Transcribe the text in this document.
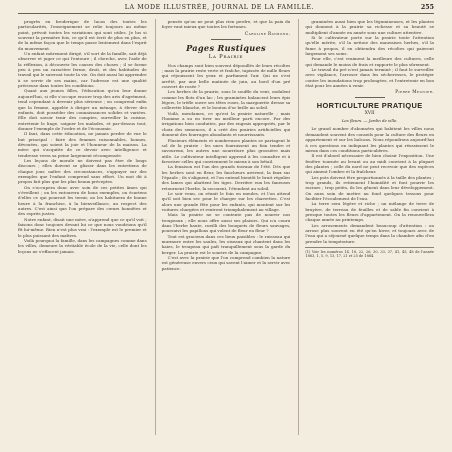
LA MODE ILLUSTRÉE, JOURNAL DE LA FAMILLE.	255

progrès en broderique de lucas des toutes les particularités, l'enseignement se relie toujours au même point, prévoit toutes les variations qui sont utiles. Je lus si souvent la première fois, ce qu'il est écrit de plus en plus, et de la même façon que le temps passe lentement dans l'esprit du mouvement.

Un enfant mûrement dirigé, s'il sort de la famille, sait déjà observer et juger ce qui l'entoure ; il cherche, avec l'aide de la réflexion, à découvrir les causes des choses ; il se forme peu à peu un caractère ferme, droit, et des habitudes de travail qui le suivront toute la vie. On doit aussi lui apprendre à se servir de ses mains, car l'adresse est une qualité précieuse dans toutes les conditions.

Quant aux jeunes filles, l'éducation qu'on leur donne aujourd'hui, si elle s'occupe encore trop des arts d'agrément, tend cependant à devenir plus sérieuse ; on comprend enfin que la femme, appelée à diriger un ménage, à élever des enfants, doit posséder des connaissances solides et variées. Elle doit savoir tenir des comptes, surveiller la cuisine, entretenir le linge, soigner les malades, et par-dessus tout, donner l'exemple de l'ordre et de l'économie.

Il faut, dans cette éducation, ne jamais perdre de vue le but principal : faire des femmes raisonnables, bonnes, dévouées, qui soient la joie et l'honneur de la maison. La mère qui s'acquitte de ce devoir avec intelligence et tendresse verra sa peine largement récompensée.

Les leçons de morale ne doivent pas être de longs discours ; elles doivent se glisser dans les entretiens de chaque jour, naître des circonstances, s'appuyer sur des exemples que l'enfant comprend sans effort. Un mot dit à propos fait plus que les plus beaux préceptes.

On s'occupera donc avec soin de ces petites âmes qui s'éveillent ; on les entourera de bons exemples, on écartera d'elles ce qui pourrait les ternir, on les habituera de bonne heure à la franchise, à la bienveillance, au respect des autres. C'est ainsi que l'on prépare des cœurs honnêtes et des esprits justes.

Notre enfant, disait une mère, n'apprend que ce qu'il voit ; faisons donc toujours devant lui ce que nous voudrions qu'il fît lui-même. Rien n'est plus vrai : l'exemple est le premier et le plus puissant des maîtres.

Voilà pourquoi la famille, dans les campagnes comme dans les villes, demeure la véritable école de la vie, celle dont les leçons ne s'effacent jamais.

pensée qu'on ne peut plus rien perdre, et que la paix du foyer vaut mieux que toutes les fortunes.

Caroline Raymond.
Pages Rustiques
La Prairie

Nos champs sont bien souvent dépouillés de leurs récoltes ; mais la prairie reste verte et fraîche, tapissée de mille fleurs qui réjouissent les yeux et parfument l'air. Qui ne s'est arrêté, par une belle matinée de juin, au bord d'un pré couvert de rosée ?

Les herbes de la prairie, sous le souffle du vent, ondulent comme les flots d'un lac ; les graminées balancent leurs épis légers, le trèfle ouvre ses têtes roses, la marguerite dresse sa collerette blanche, et le bouton d'or brille au soleil.

Voilà, mesdames, ce qu'est la prairie naturelle ; mais l'homme a su en tirer un meilleur parti encore. Par des irrigations bien conduites, par des engrais appropriés, par le choix des semences, il a créé des prairies artificielles qui donnent des fourrages abondants et nourrissants.

Plusieurs éléments et nombreuses plantes se partagent le sol de la prairie : les unes fournissent un foin tendre et savoureux, les autres une nourriture plus grossière mais utile. Le cultivateur intelligent apprend à les connaître et à favoriser celles qui conviennent le mieux à son bétail.

La fenaison est l'un des grands travaux de l'été. Dès que les herbes sont en fleur, les faucheurs arrivent, la faux sur l'épaule ; ils s'alignent, et l'on entend bientôt le bruit régulier des lames qui abattent les tiges. Derrière eux les faneuses retournent l'herbe, la secouent, l'étendent au soleil.

Le soir venu, on réunit le foin en meules, et l'on attend qu'il soit bien sec pour le charger sur les charrettes. C'est alors une grande fête pour les enfants, qui montent sur les voitures chargées et rentrent triomphalement au village.

Mais la prairie ne se contente pas de nourrir nos troupeaux ; elle nous offre aussi ses plaisirs. Qui n'a couru dans l'herbe haute, cueilli des bouquets de fleurs sauvages, poursuivi les papillons qui volent de fleur en fleur ?

Tout est gracieux dans ces lieux paisibles : le ruisseau qui murmure entre les saules, les oiseaux qui chantent dans les haies, le troupeau qui paît tranquillement sous la garde du berger. La prairie est le sourire de la campagne.

C'est avec la prairie que l'on comprend combien la nature est généreuse envers ceux qui savent l'aimer et la servir avec patience.

graminées aussi bien que les légumineuses, et les plantes qui donnent à la prairie sa richesse et sa beauté se multiplient d'année en année sous une culture attentive.

Si le cultivateur porte sur la prairie toute l'attention qu'elle mérite, s'il la nettoie des mauvaises herbes, s'il la fume à propos, il en obtiendra des récoltes qui paieront largement ses soins.

Pour elle, c'est vraiment la meilleure des cultures, celle qui demande le moins de frais et rapporte le plus sûrement.

Le travail du pré n'est jamais terminé ; il faut le surveiller avec vigilance, l'arroser dans les sécheresses, le protéger contre les inondations trop prolongées, et l'entretenir en bon état pour les années à venir.

Pierre Meunier.
HORTICULTURE PRATIQUE
XVII
Les fleurs. — Jardin de ville.

Le grand nombre d'abonnées qui habitent les villes nous demandent souvent des conseils pour la culture des fleurs en appartement et sur les balcons. Nous répondrons aujourd'hui à ces questions en indiquant les plantes qui réussissent le mieux dans ces conditions particulières.

Il est d'abord nécessaire de bien choisir l'exposition. Une fenêtre tournée au levant ou au midi convient à la plupart des plantes ; celle du nord ne peut recevoir que des espèces qui aiment l'ombre et la fraîcheur.

Les pots doivent être proportionnés à la taille des plantes ; trop grands, ils retiennent l'humidité et font pourrir les racines ; trop petits, ils les gênent dans leur développement. On aura soin de mettre au fond quelques tessons pour faciliter l'écoulement de l'eau.

La terre sera légère et riche ; un mélange de terre de bruyère, de terreau de feuilles et de sable fin convient à presque toutes les fleurs d'appartement. On la renouvellera chaque année au printemps.

Les arrosements demandent beaucoup d'attention : on arrose plus souvent en été qu'en hiver, et toujours avec de l'eau qui a séjourné quelque temps dans la chambre afin d'en prendre la température.

(1) Voir les numéros 14, 18, 22, 26, 30, 33, 37, 41, 45, 48 de l'année 1883, 1, 5, 9, 13, 17, 21 et 25 de 1884.
